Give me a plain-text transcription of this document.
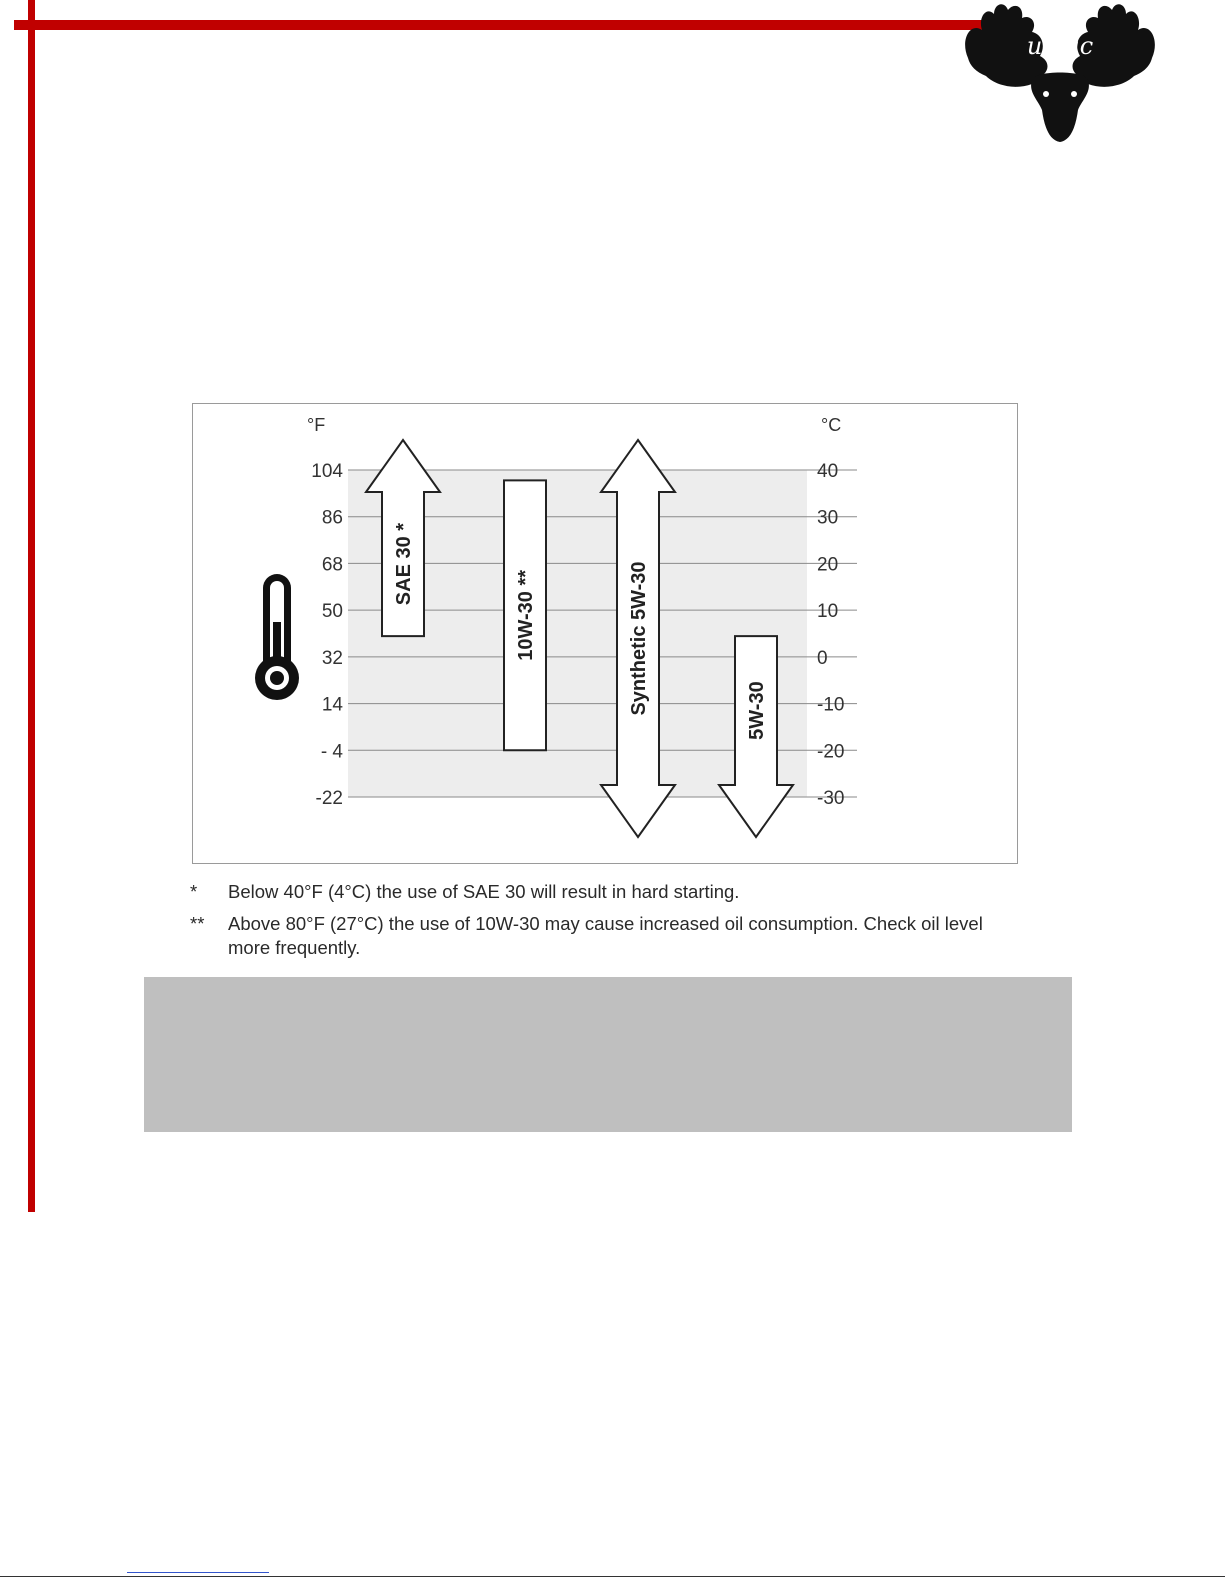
utcac
104	40
86	30
68	20
50	10
32	0
14	-10
- 4	-20
-22	-30
°F	°C
SAE 30 *
10W-30 **	Synthetic 5W-30	5W-30
* Below 40°F (4°C) the use of SAE 30 will result in hard starting.
** Above 80°F (27°C) the use of 10W-30 may cause increased oil consumption. Check oil level more frequently.
